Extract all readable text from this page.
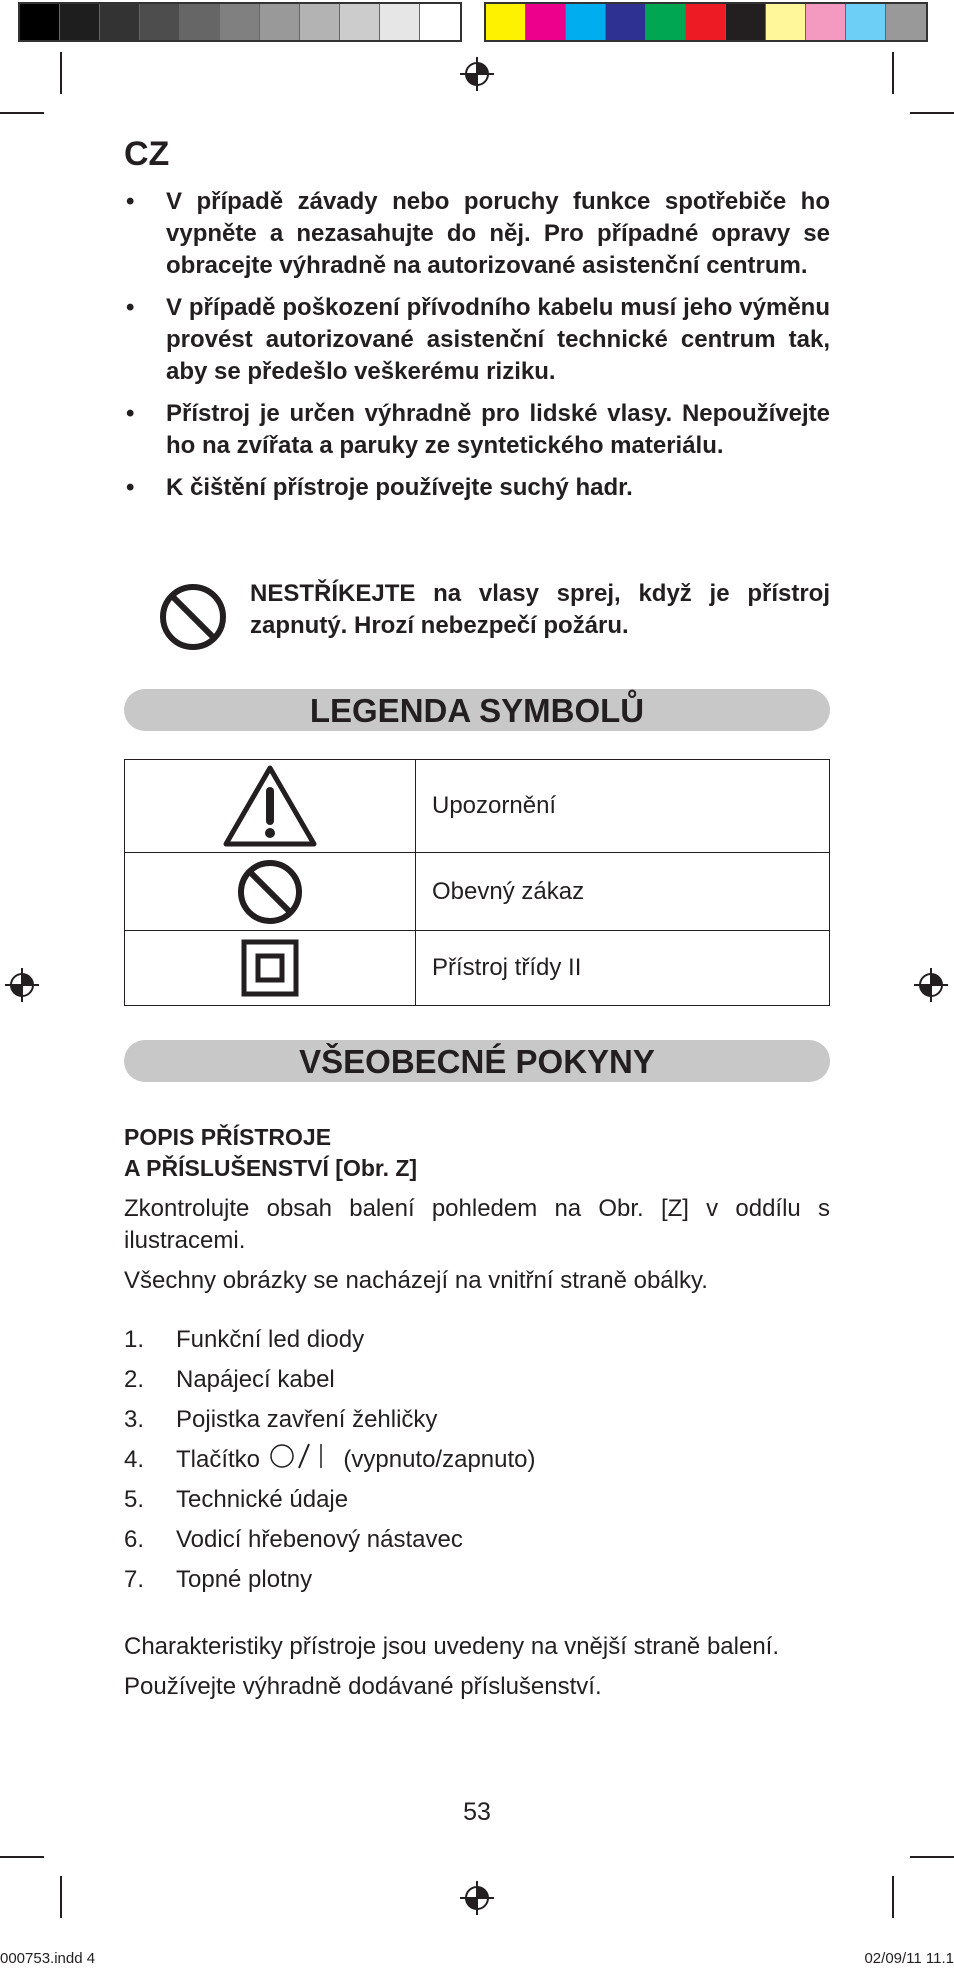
000753.indd 4	02/09/11 11.1
CZ
• V případě závady nebo poruchy funkce spotřebiče ho vypněte a nezasahujte do něj. Pro případné opravy se obracejte výhradně na autorizované asistenční centrum.
• V případě poškození přívodního kabelu musí jeho výměnu provést autorizované asistenční technické centrum tak, aby se předešlo veškerému riziku.
• Přístroj je určen výhradně pro lidské vlasy. Nepoužívejte ho na zvířata a paruky ze syntetického materiálu.
• K čištění přístroje používejte suchý hadr.

NESTŘÍKEJTE na vlasy sprej, když je přístroj zapnutý. Hrozí nebezpečí požáru.

LEGENDA SYMBOLŮ
	Upozornění
	Obevný zákaz
	Přístroj třídy II
VŠEOBECNÉ POKYNY
POPIS PŘÍSTROJE
A PŘÍSLUŠENSTVÍ [Obr. Z]

Zkontrolujte obsah balení pohledem na Obr. [Z] v oddílu s ilustracemi.

Všechny obrázky se nacházejí na vnitřní straně obálky.

1.	Funkční led diody
2.	Napájecí kabel
3.	Pojistka zavření žehličky
4.	Tlačítko	(vypnuto/zapnuto)
5.	Technické údaje
6.	Vodicí hřebenový nástavec
7.	Topné plotny

Charakteristiky přístroje jsou uvedeny na vnější straně balení.

Používejte výhradně dodávané příslušenství.

53
